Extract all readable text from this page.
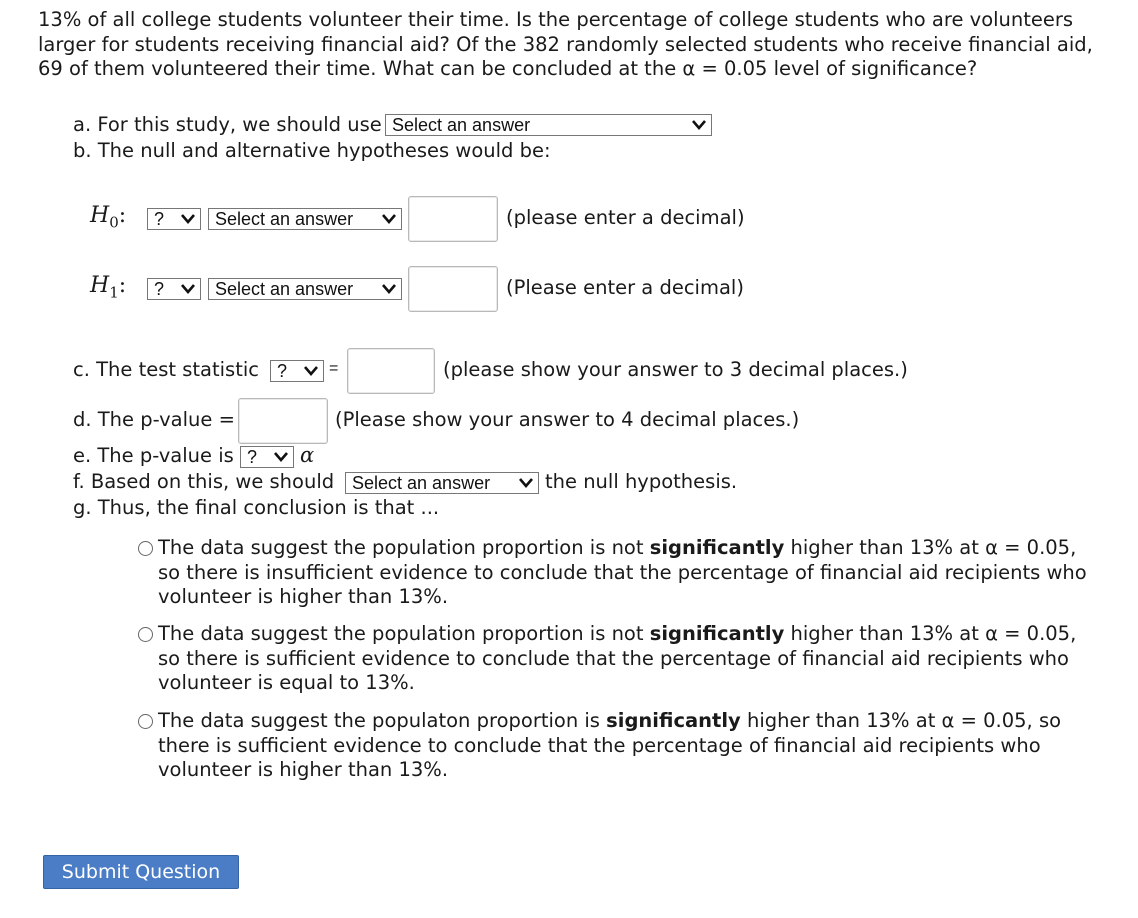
13% of all college students volunteer their time. Is the percentage of college students who are volunteers larger for students receiving financial aid? Of the 382 randomly selected students who receive financial aid, 69 of them volunteered their time. What can be concluded at the α = 0.05 level of significance?
a. For this study, we should use Select an answer
b. The null and alternative hypotheses would be:
$H_0$:	?	Select an answer	(please enter a decimal)
$H_1$:	?	Select an answer	(Please enter a decimal)
c. The test statistic	?	=	(please show your answer to 3 decimal places.)
d. The p-value =	(Please show your answer to 4 decimal places.)
e. The p-value is ?	α
f. Based on this, we should Select an answer	the null hypothesis.
g. Thus, the final conclusion is that ...
The data suggest the population proportion is not significantly higher than 13% at α = 0.05, so there is insufficient evidence to conclude that the percentage of financial aid recipients who volunteer is higher than 13%.
The data suggest the population proportion is not significantly higher than 13% at α = 0.05, so there is sufficient evidence to conclude that the percentage of financial aid recipients who volunteer is equal to 13%.
The data suggest the populaton proportion is significantly higher than 13% at α = 0.05, so there is sufficient evidence to conclude that the percentage of financial aid recipients who volunteer is higher than 13%.
Submit Question
